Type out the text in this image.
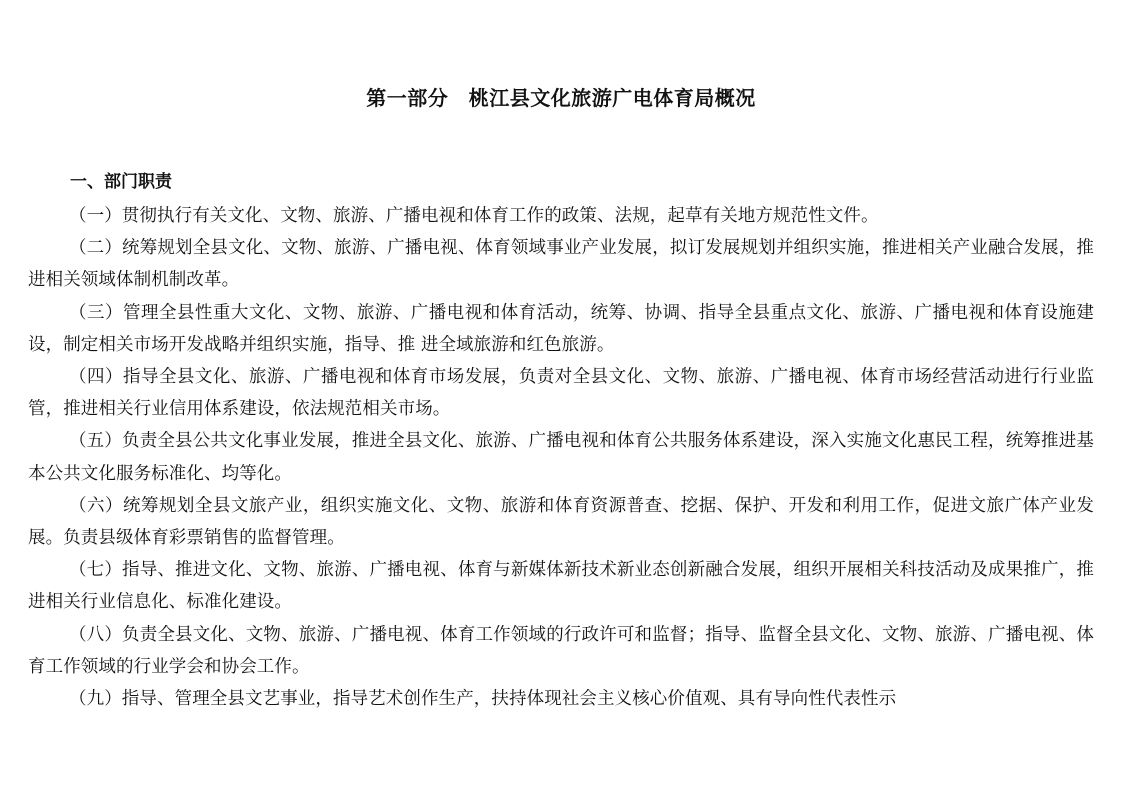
第一部分　桃江县文化旅游广电体育局概况
一、部门职责

（一）贯彻执行有关文化、文物、旅游、广播电视和体育工作的政策、法规，起草有关地方规范性文件。

（二）统筹规划全县文化、文物、旅游、广播电视、体育领域事业产业发展，拟订发展规划并组织实施，推进相关产业融合发展，推进相关领域体制机制改革。

（三）管理全县性重大文化、文物、旅游、广播电视和体育活动，统筹、协调、指导全县重点文化、旅游、广播电视和体育设施建设，制定相关市场开发战略并组织实施，指导、推 进全域旅游和红色旅游。

（四）指导全县文化、旅游、广播电视和体育市场发展，负责对全县文化、文物、旅游、广播电视、体育市场经营活动进行行业监管，推进相关行业信用体系建设，依法规范相关市场。

（五）负责全县公共文化事业发展，推进全县文化、旅游、广播电视和体育公共服务体系建设，深入实施文化惠民工程，统筹推进基本公共文化服务标准化、均等化。

（六）统筹规划全县文旅产业，组织实施文化、文物、旅游和体育资源普查、挖据、保护、开发和利用工作，促进文旅广体产业发展。负责县级体育彩票销售的监督管理。

（七）指导、推进文化、文物、旅游、广播电视、体育与新媒体新技术新业态创新融合发展，组织开展相关科技活动及成果推广，推进相关行业信息化、标准化建设。

（八）负责全县文化、文物、旅游、广播电视、体育工作领域的行政许可和监督；指导、监督全县文化、文物、旅游、广播电视、体育工作领域的行业学会和协会工作。

（九）指导、管理全县文艺事业，指导艺术创作生产，扶持体现社会主义核心价值观、具有导向性代表性示
